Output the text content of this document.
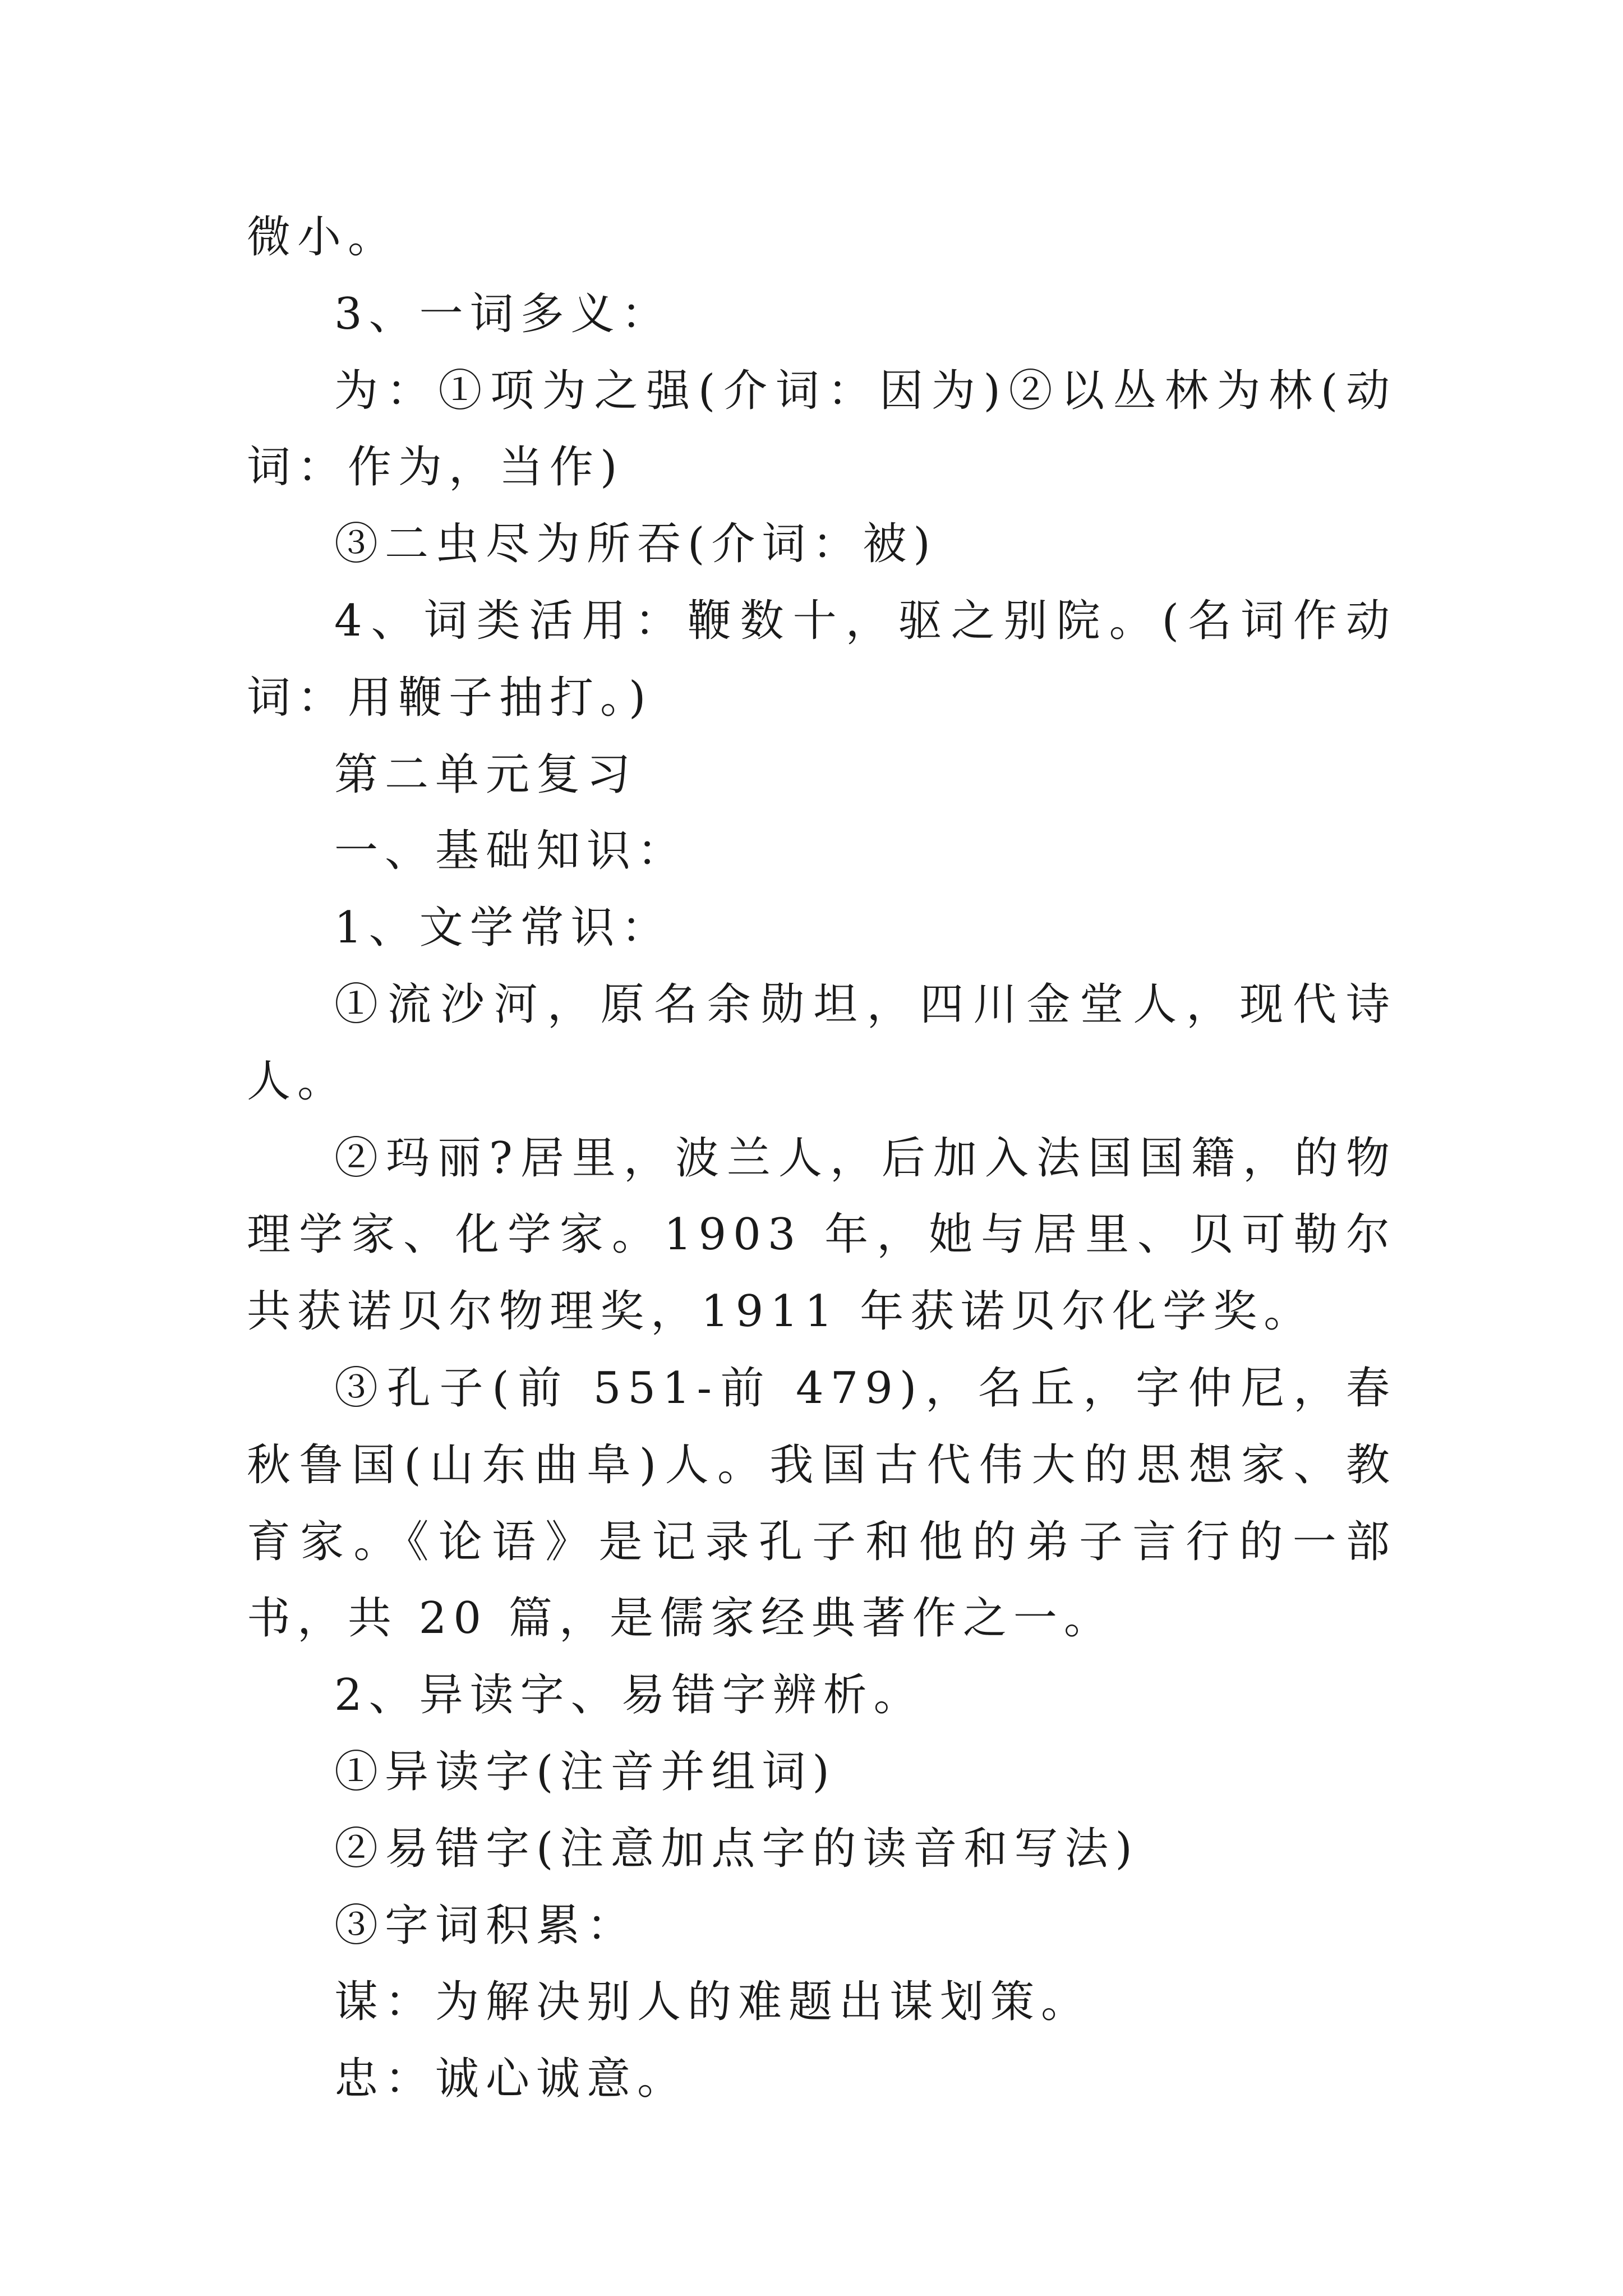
微小。

3、一词多义：

为：①项为之强(介词：因为)②以丛林为林(动词：作为，当作)

③二虫尽为所吞(介词：被)

4、词类活用：鞭数十，驱之别院。(名词作动词：用鞭子抽打。)

第二单元复习

一、基础知识：

1、文学常识：

①流沙河，原名余勋坦，四川金堂人，现代诗人。

②玛丽?居里，波兰人，后加入法国国籍，的物理学家、化学家。1903 年，她与居里、贝可勒尔共获诺贝尔物理奖，1911 年获诺贝尔化学奖。

③孔子(前 551-前 479)，名丘，字仲尼，春秋鲁国(山东曲阜)人。我国古代伟大的思想家、教育家。《论语》是记录孔子和他的弟子言行的一部书，共 20 篇，是儒家经典著作之一。

2、异读字、易错字辨析。

①异读字(注音并组词)

②易错字(注意加点字的读音和写法)

③字词积累：

谋：为解决别人的难题出谋划策。

忠：诚心诚意。
